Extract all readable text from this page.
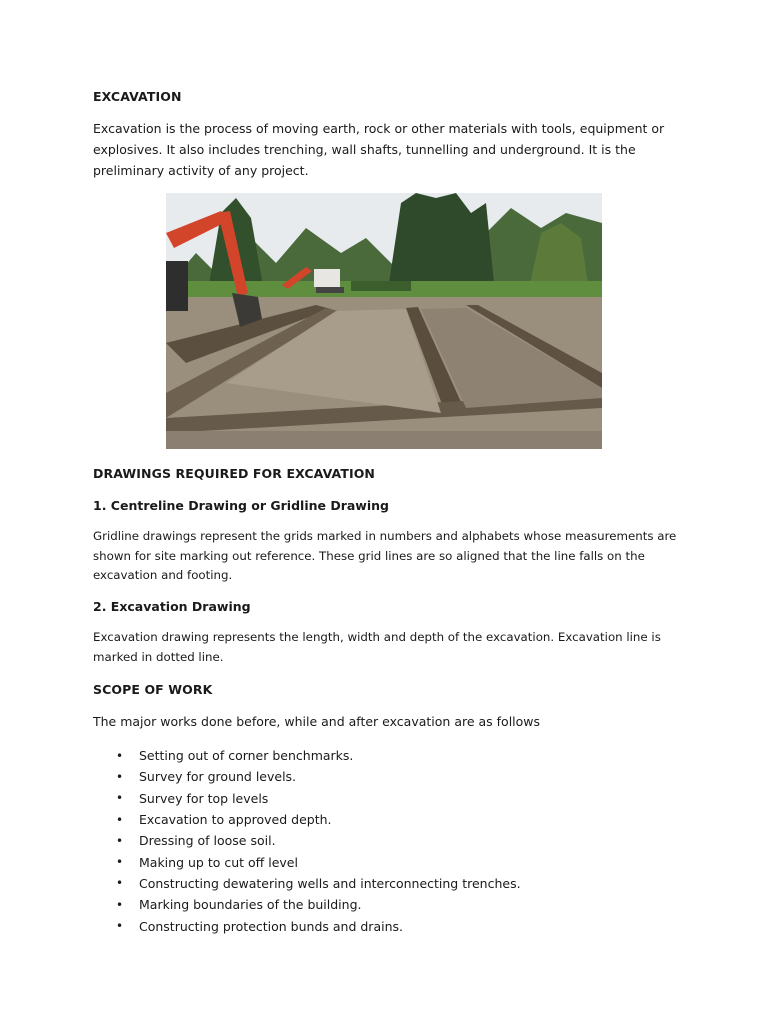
EXCAVATION

Excavation is the process of moving earth, rock or other materials with tools, equipment or explosives. It also includes trenching, wall shafts, tunnelling and underground. It is the preliminary activity of any project.

DRAWINGS REQUIRED FOR EXCAVATION
1. Centreline Drawing or Gridline Drawing

Gridline drawings represent the grids marked in numbers and alphabets whose measurements are shown for site marking out reference. These grid lines are so aligned that the line falls on the excavation and footing.

2. Excavation Drawing

Excavation drawing represents the length, width and depth of the excavation. Excavation line is marked in dotted line.

SCOPE OF WORK

The major works done before, while and after excavation are as follows

•	Setting out of corner benchmarks.
•	Survey for ground levels.
•	Survey for top levels
•	Excavation to approved depth.
•	Dressing of loose soil.
•	Making up to cut off level
•	Constructing dewatering wells and interconnecting trenches.
•	Marking boundaries of the building.
•	Constructing protection bunds and drains.
